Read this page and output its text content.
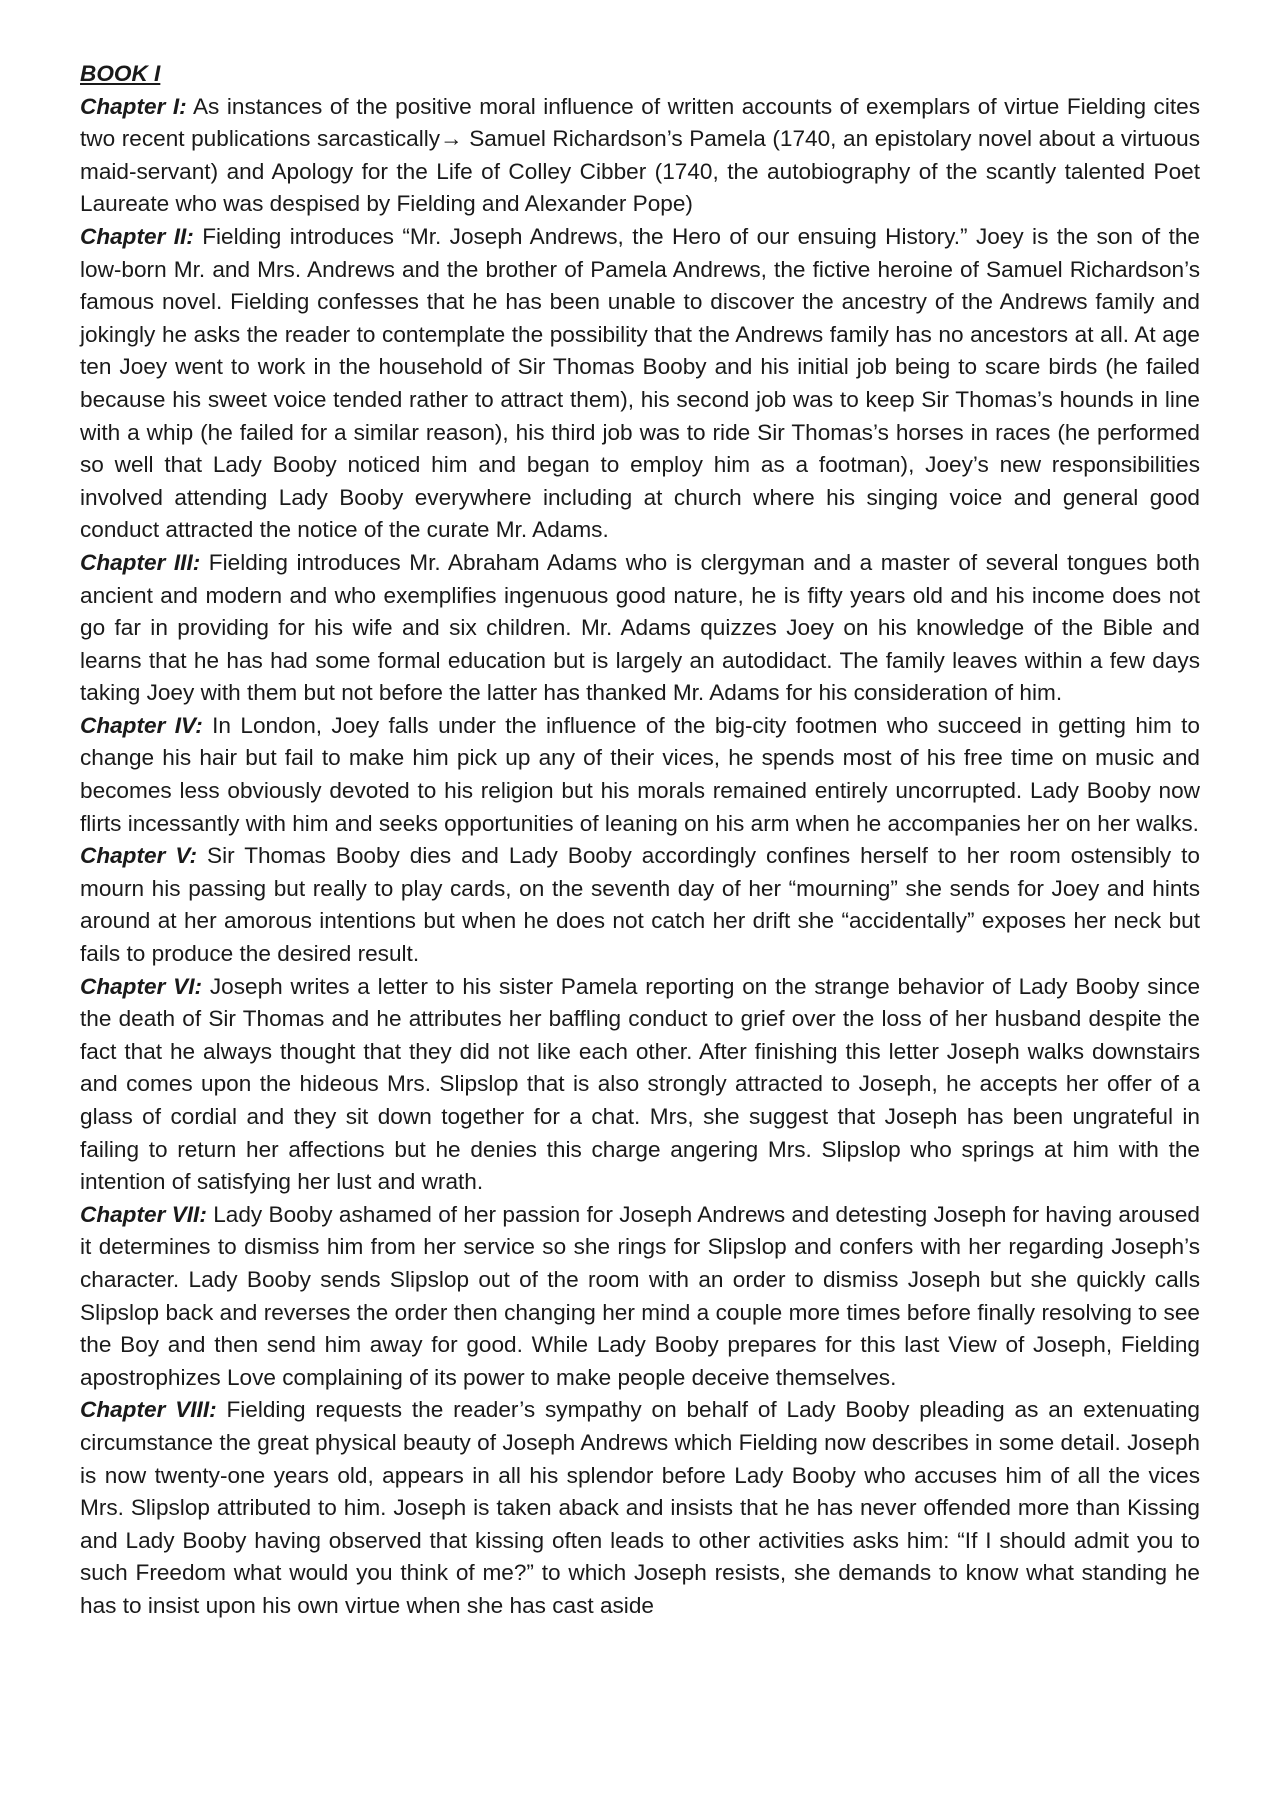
BOOK I

Chapter I: As instances of the positive moral influence of written accounts of exemplars of virtue Fielding cites two recent publications sarcastically→ Samuel Richardson’s Pamela (1740, an epistolary novel about a virtuous maid-servant) and Apology for the Life of Colley Cibber (1740, the autobiography of the scantly talented Poet Laureate who was despised by Fielding and Alexander Pope)

Chapter II: Fielding introduces “Mr. Joseph Andrews, the Hero of our ensuing History.” Joey is the son of the low-born Mr. and Mrs. Andrews and the brother of Pamela Andrews, the fictive heroine of Samuel Richardson’s famous novel. Fielding confesses that he has been unable to discover the ancestry of the Andrews family and jokingly he asks the reader to contemplate the possibility that the Andrews family has no ancestors at all. At age ten Joey went to work in the household of Sir Thomas Booby and his initial job being to scare birds (he failed because his sweet voice tended rather to attract them), his second job was to keep Sir Thomas’s hounds in line with a whip (he failed for a similar reason), his third job was to ride Sir Thomas’s horses in races (he performed so well that Lady Booby noticed him and began to employ him as a footman), Joey’s new responsibilities involved attending Lady Booby everywhere including at church where his singing voice and general good conduct attracted the notice of the curate Mr. Adams.

Chapter III: Fielding introduces Mr. Abraham Adams who is clergyman and a master of several tongues both ancient and modern and who exemplifies ingenuous good nature, he is fifty years old and his income does not go far in providing for his wife and six children. Mr. Adams quizzes Joey on his knowledge of the Bible and learns that he has had some formal education but is largely an autodidact. The family leaves within a few days taking Joey with them but not before the latter has thanked Mr. Adams for his consideration of him.

Chapter IV: In London, Joey falls under the influence of the big-city footmen who succeed in getting him to change his hair but fail to make him pick up any of their vices, he spends most of his free time on music and becomes less obviously devoted to his religion but his morals remained entirely uncorrupted. Lady Booby now flirts incessantly with him and seeks opportunities of leaning on his arm when he accompanies her on her walks.

Chapter V: Sir Thomas Booby dies and Lady Booby accordingly confines herself to her room ostensibly to mourn his passing but really to play cards, on the seventh day of her “mourning” she sends for Joey and hints around at her amorous intentions but when he does not catch her drift she “accidentally” exposes her neck but fails to produce the desired result.

Chapter VI: Joseph writes a letter to his sister Pamela reporting on the strange behavior of Lady Booby since the death of Sir Thomas and he attributes her baffling conduct to grief over the loss of her husband despite the fact that he always thought that they did not like each other. After finishing this letter Joseph walks downstairs and comes upon the hideous Mrs. Slipslop that is also strongly attracted to Joseph, he accepts her offer of a glass of cordial and they sit down together for a chat. Mrs, she suggest that Joseph has been ungrateful in failing to return her affections but he denies this charge angering Mrs. Slipslop who springs at him with the intention of satisfying her lust and wrath.

Chapter VII: Lady Booby ashamed of her passion for Joseph Andrews and detesting Joseph for having aroused it determines to dismiss him from her service so she rings for Slipslop and confers with her regarding Joseph’s character. Lady Booby sends Slipslop out of the room with an order to dismiss Joseph but she quickly calls Slipslop back and reverses the order then changing her mind a couple more times before finally resolving to see the Boy and then send him away for good. While Lady Booby prepares for this last View of Joseph, Fielding apostrophizes Love complaining of its power to make people deceive themselves.

Chapter VIII: Fielding requests the reader’s sympathy on behalf of Lady Booby pleading as an extenuating circumstance the great physical beauty of Joseph Andrews which Fielding now describes in some detail. Joseph is now twenty-one years old, appears in all his splendor before Lady Booby who accuses him of all the vices Mrs. Slipslop attributed to him. Joseph is taken aback and insists that he has never offended more than Kissing and Lady Booby having observed that kissing often leads to other activities asks him: “If I should admit you to such Freedom what would you think of me?” to which Joseph resists, she demands to know what standing he has to insist upon his own virtue when she has cast aside
